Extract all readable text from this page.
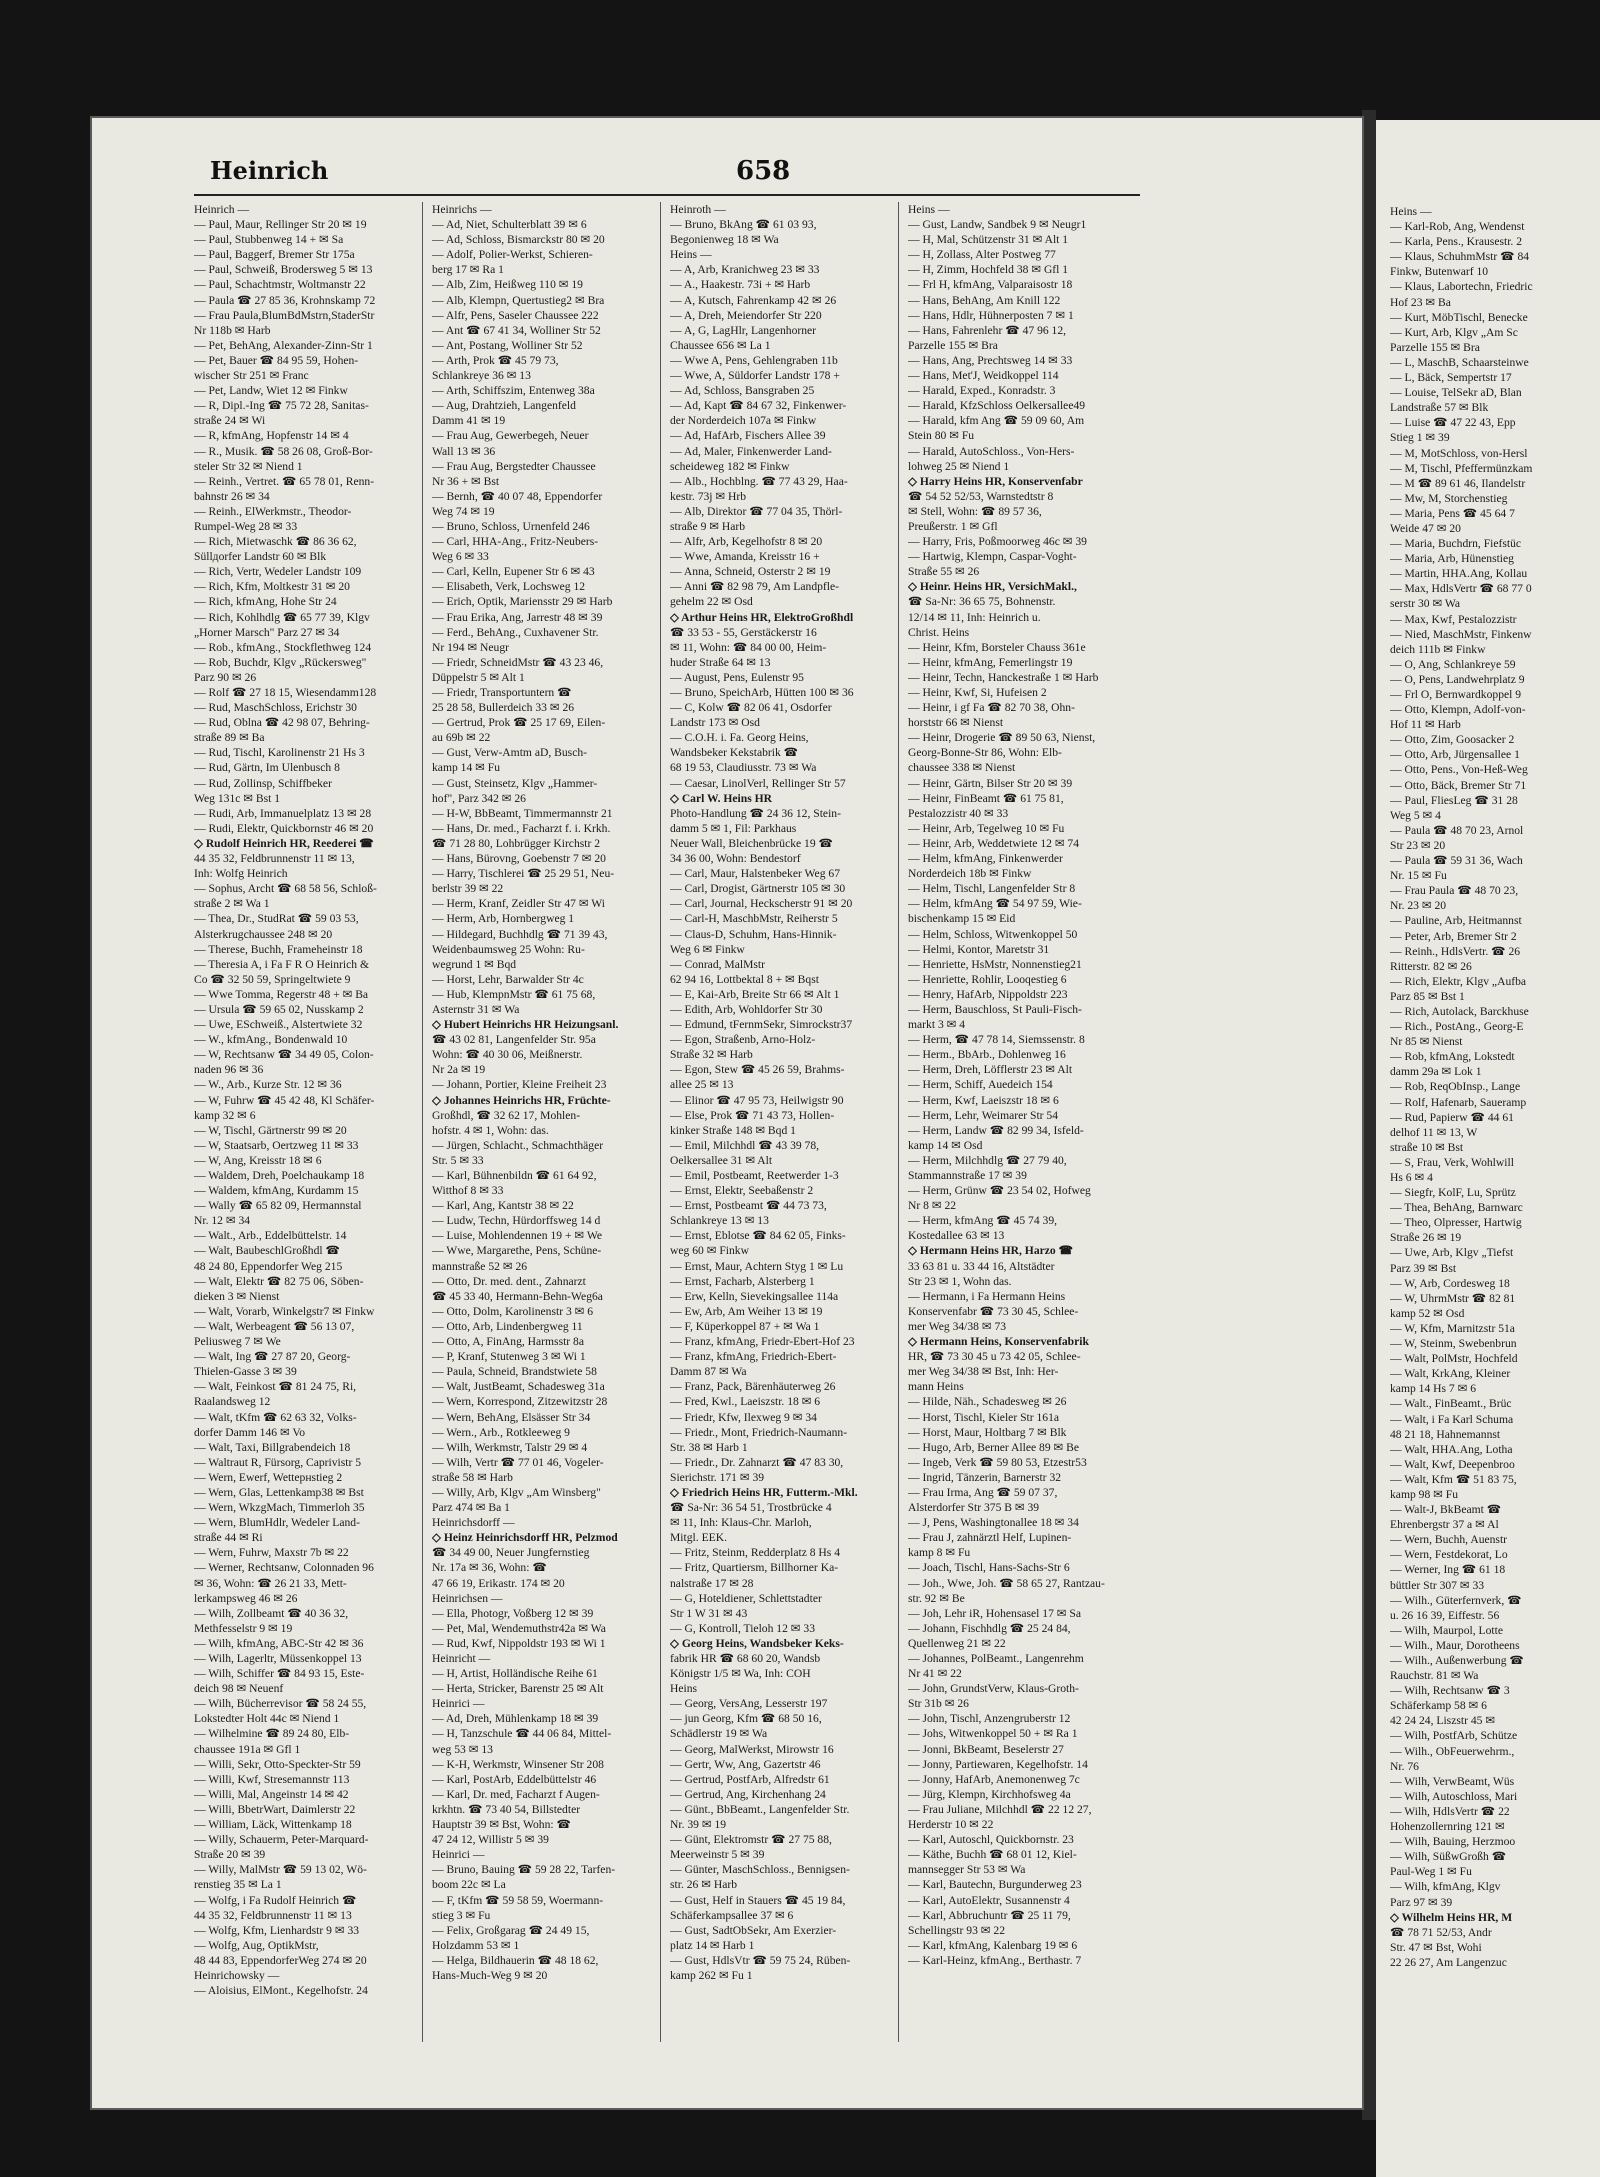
Heinrich	658
Heinrich —
— Paul, Maur, Rellinger Str 20 ✉ 19
— Paul, Stubbenweg 14 + ✉ Sa
— Paul, Baggerf, Bremer Str 175a
— Paul, Schweiß, Brodersweg 5 ✉ 13
— Paul, Schachtmstr, Woltmanstr 22
— Paula ☎ 27 85 36, Krohnskamp 72
— Frau Paula,BlumBdMstrn,StaderStr
Nr 118b ✉ Harb
— Pet, BehAng, Alexander-Zinn-Str 1
— Pet, Bauer ☎ 84 95 59, Hohen-
wischer Str 251 ✉ Franc
— Pet, Landw, Wiet 12 ✉ Finkw
— R, Dipl.-Ing ☎ 75 72 28, Sanitas-
straße 24 ✉ Wi
— R, kfmAng, Hopfenstr 14 ✉ 4
— R., Musik. ☎ 58 26 08, Groß-Bor-
steler Str 32 ✉ Niend 1
— Reinh., Vertret. ☎ 65 78 01, Renn-
bahnstr 26 ✉ 34
— Reinh., ElWerkmstr., Theodor-
Rumpel-Weg 28 ✉ 33
— Rich, Mietwaschk ☎ 86 36 62,
Süllдorfer Landstr 60 ✉ Blk
— Rich, Vertr, Wedeler Landstr 109
— Rich, Kfm, Moltkestr 31 ✉ 20
— Rich, kfmAng, Hohe Str 24
— Rich, Kohlhdlg ☎ 65 77 39, Klgv
„Horner Marsch" Parz 27 ✉ 34
— Rob., kfmAng., Stockflethweg 124
— Rob, Buchdr, Klgv „Rückersweg"
Parz 90 ✉ 26
— Rolf ☎ 27 18 15, Wiesendamm128
— Rud, MaschSchloss, Erichstr 30
— Rud, Oblna ☎ 42 98 07, Behring-
straße 89 ✉ Ba
— Rud, Tischl, Karolinenstr 21 Hs 3
— Rud, Gärtn, Im Ulenbusch 8
— Rud, Zollinsp, Schiffbeker
Weg 131c ✉ Bst 1
— Rudi, Arb, Immanuelplatz 13 ✉ 28
— Rudi, Elektr, Quickbornstr 46 ✉ 20
◇ Rudolf Heinrich HR, Reederei ☎
44 35 32, Feldbrunnenstr 11 ✉ 13,
Inh: Wolfg Heinrich
— Sophus, Archt ☎ 68 58 56, Schloß-
straße 2 ✉ Wa 1
— Thea, Dr., StudRat ☎ 59 03 53,
Alsterkrugchaussee 248 ✉ 20
— Therese, Buchh, Frameheinstr 18
— Theresia A, i Fa F R O Heinrich &
Co ☎ 32 50 59, Springeltwiete 9
— Wwe Tomma, Regerstr 48 + ✉ Ba
— Ursula ☎ 59 65 02, Nusskamp 2
— Uwe, ESchweiß., Alstertwiete 32
— W., kfmAng., Bondenwald 10
— W, Rechtsanw ☎ 34 49 05, Colon-
naden 96 ✉ 36
— W., Arb., Kurze Str. 12 ✉ 36
— W, Fuhrw ☎ 45 42 48, Kl Schäfer-
kamp 32 ✉ 6
— W, Tischl, Gärtnerstr 99 ✉ 20
— W, Staatsarb, Oertzweg 11 ✉ 33
— W, Ang, Kreisstr 18 ✉ 6
— Waldem, Dreh, Poelchaukamp 18
— Waldem, kfmAng, Kurdamm 15
— Wally ☎ 65 82 09, Hermannstal
Nr. 12 ✉ 34
— Walt., Arb., Eddelbüttelstr. 14
— Walt, BaubeschlGroßhdl ☎
48 24 80, Eppendorfer Weg 215
— Walt, Elektr ☎ 82 75 06, Söben-
dieken 3 ✉ Nienst
— Walt, Vorarb, Winkelgstr7 ✉ Finkw
— Walt, Werbeagent ☎ 56 13 07,
Peliusweg 7 ✉ We
— Walt, Ing ☎ 27 87 20, Georg-
Thielen-Gasse 3 ✉ 39
— Walt, Feinkost ☎ 81 24 75, Ri,
Raalandsweg 12
— Walt, tKfm ☎ 62 63 32, Volks-
dorfer Damm 146 ✉ Vo
— Walt, Taxi, Billgrabendeich 18
— Waltraut R, Fürsorg, Caprivistr 5
— Wern, Ewerf, Wettернstieg 2
— Wern, Glas, Lettenkamp38 ✉ Bst
— Wern, WkzgMach, Timmerloh 35
— Wern, BlumHdlr, Wedeler Land-
straße 44 ✉ Ri
— Wern, Fuhrw, Maxstr 7b ✉ 22
— Werner, Rechtsanw, Colonnaden 96
✉ 36, Wohn: ☎ 26 21 33, Mett-
lerkampsweg 46 ✉ 26
— Wilh, Zollbeamt ☎ 40 36 32,
Methfesselstr 9 ✉ 19
— Wilh, kfmAng, ABC-Str 42 ✉ 36
— Wilh, Lagerltr, Müssenkoppel 13
— Wilh, Schiffer ☎ 84 93 15, Este-
deich 98 ✉ Neuenf
— Wilh, Bücherrevisor ☎ 58 24 55,
Lokstedter Holt 44c ✉ Niend 1
— Wilhelmine ☎ 89 24 80, Elb-
chaussee 191a ✉ Gfl 1
— Willi, Sekr, Otto-Speckter-Str 59
— Willi, Kwf, Stresemannstr 113
— Willi, Mal, Angeinstr 14 ✉ 42
— Willi, BbetrWart, Daimlerstr 22
— William, Läck, Wittenkamp 18
— Willy, Schauerm, Peter-Marquard-
Straße 20 ✉ 39
— Willy, MalMstr ☎ 59 13 02, Wö-
renstieg 35 ✉ La 1
— Wolfg, i Fa Rudolf Heinrich ☎
44 35 32, Feldbrunnenstr 11 ✉ 13
— Wolfg, Kfm, Lienhardstr 9 ✉ 33
— Wolfg, Aug, OptikMstr,
48 44 83, EppendorferWeg 274 ✉ 20
Heinrichowsky —
— Aloisius, ElMont., Kegelhofstr. 24
Heinrichs —
— Ad, Niet, Schulterblatt 39 ✉ 6
— Ad, Schloss, Bismarckstr 80 ✉ 20
— Adolf, Polier-Werkst, Schieren-
berg 17 ✉ Ra 1
— Alb, Zim, Heißweg 110 ✉ 19
— Alb, Klempn, Quertustieg2 ✉ Bra
— Alfr, Pens, Saseler Chaussee 222
— Ant ☎ 67 41 34, Wolliner Str 52
— Ant, Postang, Wolliner Str 52
— Arth, Prok ☎ 45 79 73,
Schlankreye 36 ✉ 13
— Arth, Schiffszim, Entenweg 38a
— Aug, Drahtzieh, Langenfeld
Damm 41 ✉ 19
— Frau Aug, Gewerbegeh, Neuer
Wall 13 ✉ 36
— Frau Aug, Bergstedter Chaussee
Nr 36 + ✉ Bst
— Bernh, ☎ 40 07 48, Eppendorfer
Weg 74 ✉ 19
— Bruno, Schloss, Urnenfeld 246
— Carl, HHA-Ang., Fritz-Neubers-
Weg 6 ✉ 33
— Carl, Kelln, Eupener Str 6 ✉ 43
— Elisabeth, Verk, Lochsweg 12
— Erich, Optik, Mariensstr 29 ✉ Harb
— Frau Erika, Ang, Jarrestr 48 ✉ 39
— Ferd., BehAng., Cuxhavener Str.
Nr 194 ✉ Neugr
— Friedr, SchneidMstr ☎ 43 23 46,
Düppelstr 5 ✉ Alt 1
— Friedr, Transportuntern ☎
25 28 58, Bullerdeich 33 ✉ 26
— Gertrud, Prok ☎ 25 17 69, Eilen-
au 69b ✉ 22
— Gust, Verw-Amtm aD, Busch-
kamp 14 ✉ Fu
— Gust, Steinsetz, Klgv „Hammer-
hof", Parz 342 ✉ 26
— H-W, BbBeamt, Timmermannstr 21
— Hans, Dr. med., Facharzt f. i. Krkh.
☎ 71 28 80, Lohbrügger Kirchstr 2
— Hans, Bürovng, Goebenstr 7 ✉ 20
— Harry, Tischlerei ☎ 25 29 51, Neu-
berlstr 39 ✉ 22
— Herm, Kranf, Zeidler Str 47 ✉ Wi
— Herm, Arb, Hornbergweg 1
— Hildegard, Buchhdlg ☎ 71 39 43,
Weidenbaumsweg 25 Wohn: Ru-
wegrund 1 ✉ Bqd
— Horst, Lehr, Barwalder Str 4c
— Hub, KlempnMstr ☎ 61 75 68,
Asternstr 31 ✉ Wa
◇ Hubert Heinrichs HR Heizungsanl.
☎ 43 02 81, Langenfelder Str. 95a
Wohn: ☎ 40 30 06, Meißnerstr.
Nr 2a ✉ 19
— Johann, Portier, Kleine Freiheit 23
◇ Johannes Heinrichs HR, Früchte-
Großhdl, ☎ 32 62 17, Mohlen-
hofstr. 4 ✉ 1, Wohn: das.
— Jürgen, Schlacht., Schmachthäger
Str. 5 ✉ 33
— Karl, Bühnenbildn ☎ 61 64 92,
Witthof 8 ✉ 33
— Karl, Ang, Kantstr 38 ✉ 22
— Ludw, Techn, Hürdorffsweg 14 d
— Luise, Mohlendennen 19 + ✉ We
— Wwe, Margarethe, Pens, Schüne-
mannstraße 52 ✉ 26
— Otto, Dr. med. dent., Zahnarzt
☎ 45 33 40, Hermann-Behn-Weg6a
— Otto, Dolm, Karolinenstr 3 ✉ 6
— Otto, Arb, Lindenbergweg 11
— Otto, A, FinAng, Harmsstr 8a
— P, Kranf, Stutenweg 3 ✉ Wi 1
— Paula, Schneid, Brandstwiete 58
— Walt, JustBeamt, Schadesweg 31a
— Wern, Korrespond, Zitzewitzstr 28
— Wern, BehAng, Elsässer Str 34
— Wern., Arb., Rotkleeweg 9
— Wilh, Werkmstr, Talstr 29 ✉ 4
— Wilh, Vertr ☎ 77 01 46, Vogeler-
straße 58 ✉ Harb
— Willy, Arb, Klgv „Am Winsberg"
Parz 474 ✉ Ba 1
Heinrichsdorff —
◇ Heinz Heinrichsdorff HR, Pelzmod
☎ 34 49 00, Neuer Jungfernstieg
Nr. 17a ✉ 36, Wohn: ☎
47 66 19, Erikastr. 174 ✉ 20
Heinrichsen —
— Ella, Photogr, Voßberg 12 ✉ 39
— Pet, Mal, Wendemuthstr42a ✉ Wa
— Rud, Kwf, Nippoldstr 193 ✉ Wi 1
Heinricht —
— H, Artist, Holländische Reihe 61
— Herta, Stricker, Barenstr 25 ✉ Alt
Heinrici —
— Ad, Dreh, Mühlenkamp 18 ✉ 39
— H, Tanzschule ☎ 44 06 84, Mittel-
weg 53 ✉ 13
— K-H, Werkmstr, Winsener Str 208
— Karl, PostArb, Eddelbüttelstr 46
— Karl, Dr. med, Facharzt f Augen-
krkhtn. ☎ 73 40 54, Billstedter
Hauptstr 39 ✉ Bst, Wohn: ☎
47 24 12, Willistr 5 ✉ 39
Heinrici —
— Bruno, Bauing ☎ 59 28 22, Tarfen-
boom 22c ✉ La
— F, tKfm ☎ 59 58 59, Woermann-
stieg 3 ✉ Fu
— Felix, Großgarag ☎ 24 49 15,
Holzdamm 53 ✉ 1
— Helga, Bildhauerin ☎ 48 18 62,
Hans-Much-Weg 9 ✉ 20
Heinroth —
— Bruno, BkAng ☎ 61 03 93,
Begonienweg 18 ✉ Wa
Heins —
— A, Arb, Kranichweg 23 ✉ 33
— A., Haakestr. 73i + ✉ Harb
— A, Kutsch, Fahrenkamp 42 ✉ 26
— A, Dreh, Meiendorfer Str 220
— A, G, LagHlr, Langenhorner
Chaussee 656 ✉ La 1
— Wwe A, Pens, Gehlengraben 11b
— Wwe, A, Süldorfer Landstr 178 +
— Ad, Schloss, Bansgraben 25
— Ad, Kapt ☎ 84 67 32, Finkenwer-
der Norderdeich 107a ✉ Finkw
— Ad, HafArb, Fischers Allee 39
— Ad, Maler, Finkenwerder Land-
scheideweg 182 ✉ Finkw
— Alb., Hochblng. ☎ 77 43 29, Haa-
kestr. 73j ✉ Hrb
— Alb, Direktor ☎ 77 04 35, Thörl-
straße 9 ✉ Harb
— Alfr, Arb, Kegelhofstr 8 ✉ 20
— Wwe, Amanda, Kreisstr 16 +
— Anna, Schneid, Osterstr 2 ✉ 19
— Anni ☎ 82 98 79, Am Landpfle-
gehelm 22 ✉ Osd
◇ Arthur Heins HR, ElektroGroßhdl
☎ 33 53 - 55, Gerstäckerstr 16
✉ 11, Wohn: ☎ 84 00 00, Heim-
huder Straße 64 ✉ 13
— August, Pens, Eulenstr 95
— Bruno, SpeichArb, Hütten 100 ✉ 36
— C, Kolw ☎ 82 06 41, Osdorfer
Landstr 173 ✉ Osd
— C.O.H. i. Fa. Georg Heins,
Wandsbeker Kekstabrik ☎
68 19 53, Claudiusstr. 73 ✉ Wa
— Caesar, LinolVerl, Rellinger Str 57
◇ Carl W. Heins HR
Photo-Handlung ☎ 24 36 12, Stein-
damm 5 ✉ 1, Fil: Parkhaus
Neuer Wall, Bleichenbrücke 19 ☎
34 36 00, Wohn: Bendestorf
— Carl, Maur, Halstenbeker Weg 67
— Carl, Drogist, Gärtnerstr 105 ✉ 30
— Carl, Journal, Heckscherstr 91 ✉ 20
— Carl-H, MaschbMstr, Reiherstr 5
— Claus-D, Schuhm, Hans-Hinnik-
Weg 6 ✉ Finkw
— Conrad, MalMstr
62 94 16, Lottbektal 8 + ✉ Bqst
— E, Kai-Arb, Breite Str 66 ✉ Alt 1
— Edith, Arb, Wohldorfer Str 30
— Edmund, tFernmSekr, Simrockstr37
— Egon, Straßenb, Arno-Holz-
Straße 32 ✉ Harb
— Egon, Stew ☎ 45 26 59, Brahms-
allee 25 ✉ 13
— Elinor ☎ 47 95 73, Heilwigstr 90
— Else, Prok ☎ 71 43 73, Hollen-
kinker Straße 148 ✉ Bqd 1
— Emil, Milchhdl ☎ 43 39 78,
Oelkersallee 31 ✉ Alt
— Emil, Postbeamt, Reetwerder 1-3
— Ernst, Elektr, Seebaßenstr 2
— Ernst, Postbeamt ☎ 44 73 73,
Schlankreye 13 ✉ 13
— Ernst, Eblotse ☎ 84 62 05, Finks-
weg 60 ✉ Finkw
— Ernst, Maur, Achtern Styg 1 ✉ Lu
— Ernst, Facharb, Alsterberg 1
— Erw, Kelln, Sievekingsallee 114a
— Ew, Arb, Am Weiher 13 ✉ 19
— F, Küperkoppel 87 + ✉ Wa 1
— Franz, kfmAng, Friedr-Ebert-Hof 23
— Franz, kfmAng, Friedrich-Ebert-
Damm 87 ✉ Wa
— Franz, Pack, Bärenhäuterweg 26
— Fred, Kwl., Laeiszstr. 18 ✉ 6
— Friedr, Kfw, Ilexweg 9 ✉ 34
— Friedr., Mont, Friedrich-Naumann-
Str. 38 ✉ Harb 1
— Friedr., Dr. Zahnarzt ☎ 47 83 30,
Sierichstr. 171 ✉ 39
◇ Friedrich Heins HR, Futterm.-Mkl.
☎ Sa-Nr: 36 54 51, Trostbrücke 4
✉ 11, Inh: Klaus-Chr. Marloh,
Mitgl. EEK.
— Fritz, Steinm, Redderplatz 8 Hs 4
— Fritz, Quartiersm, Billhorner Ka-
nalstraße 17 ✉ 28
— G, Hoteldiener, Schlettstadter
Str 1 W 31 ✉ 43
— G, Kontroll, Tieloh 12 ✉ 33
◇ Georg Heins, Wandsbeker Keks-
fabrik HR ☎ 68 60 20, Wandsb
Königstr 1/5 ✉ Wa, Inh: COH
Heins
— Georg, VersAng, Lesserstr 197
— jun Georg, Kfm ☎ 68 50 16,
Schädlerstr 19 ✉ Wa
— Georg, MalWerkst, Mirowstr 16
— Gertr, Ww, Ang, Gazertstr 46
— Gertrud, PostfArb, Alfredstr 61
— Gertrud, Ang, Kirchenhang 24
— Günt., BbBeamt., Langenfelder Str.
Nr. 39 ✉ 19
— Günt, Elektromstr ☎ 27 75 88,
Meerweinstr 5 ✉ 39
— Günter, MaschSchloss., Bennigsen-
str. 26 ✉ Harb
— Gust, Helf in Stauers ☎ 45 19 84,
Schäferkampsallee 37 ✉ 6
— Gust, SadtObSekr, Am Exerzier-
platz 14 ✉ Harb 1
— Gust, HdlsVtr ☎ 59 75 24, Rüben-
kamp 262 ✉ Fu 1
Heins —
— Gust, Landw, Sandbek 9 ✉ Neugr1
— H, Mal, Schützenstr 31 ✉ Alt 1
— H, Zollass, Alter Postweg 77
— H, Zimm, Hochfeld 38 ✉ Gfl 1
— Frl H, kfmAng, Valparaisostr 18
— Hans, BehAng, Am Knill 122
— Hans, Hdlr, Hühnerposten 7 ✉ 1
— Hans, Fahrenlehr ☎ 47 96 12,
Parzelle 155 ✉ Bra
— Hans, Ang, Prechtsweg 14 ✉ 33
— Hans, Met'J, Weidkoppel 114
— Harald, Exped., Konradstr. 3
— Harald, KfzSchloss Oelkersallee49
— Harald, kfm Ang ☎ 59 09 60, Am
Stein 80 ✉ Fu
— Harald, AutoSchloss., Von-Hers-
lohweg 25 ✉ Niend 1
◇ Harry Heins HR, Konservenfabr
☎ 54 52 52/53, Warnstedtstr 8
✉ Stell, Wohn: ☎ 89 57 36,
Preußerstr. 1 ✉ Gfl
— Harry, Fris, Poßmoorweg 46c ✉ 39
— Hartwig, Klempn, Caspar-Voght-
Straße 55 ✉ 26
◇ Heinr. Heins HR, VersichMakl.,
☎ Sa-Nr: 36 65 75, Bohnenstr.
12/14 ✉ 11, Inh: Heinrich u.
Christ. Heins
— Heinr, Kfm, Borsteler Chauss 361e
— Heinr, kfmAng, Femerlingstr 19
— Heinr, Techn, Hanckestraße 1 ✉ Harb
— Heinr, Kwf, Si, Hufeisen 2
— Heinr, i gf Fa ☎ 82 70 38, Ohn-
horststr 66 ✉ Nienst
— Heinr, Drogerie ☎ 89 50 63, Nienst,
Georg-Bonne-Str 86, Wohn: Elb-
chaussee 338 ✉ Nienst
— Heinr, Gärtn, Bilser Str 20 ✉ 39
— Heinr, FinBeamt ☎ 61 75 81,
Pestalozzistr 40 ✉ 33
— Heinr, Arb, Tegelweg 10 ✉ Fu
— Heinr, Arb, Weddetwiete 12 ✉ 74
— Helm, kfmAng, Finkenwerder
Norderdeich 18b ✉ Finkw
— Helm, Tischl, Langenfelder Str 8
— Helm, kfmAng ☎ 54 97 59, Wie-
bischenkamp 15 ✉ Eid
— Helm, Schloss, Witwenkoppel 50
— Helmi, Kontor, Maretstr 31
— Henriette, HsMstr, Nonnenstieg21
— Henriette, Rohlir, Looqestieg 6
— Henry, HafArb, Nippoldstr 223
— Herm, Bauschloss, St Pauli-Fisch-
markt 3 ✉ 4
— Herm, ☎ 47 78 14, Siemssenstr. 8
— Herm., BbArb., Dohlenweg 16
— Herm, Dreh, Löfflerstr 23 ✉ Alt
— Herm, Schiff, Auedeich 154
— Herm, Kwf, Laeiszstr 18 ✉ 6
— Herm, Lehr, Weimarer Str 54
— Herm, Landw ☎ 82 99 34, Isfeld-
kamp 14 ✉ Osd
— Herm, Milchhdlg ☎ 27 79 40,
Stammannstraße 17 ✉ 39
— Herm, Grünw ☎ 23 54 02, Hofweg
Nr 8 ✉ 22
— Herm, kfmAng ☎ 45 74 39,
Kostedallee 63 ✉ 13
◇ Hermann Heins HR, Harzo ☎
33 63 81 u. 33 44 16, Altstädter
Str 23 ✉ 1, Wohn das.
— Hermann, i Fa Hermann Heins
Konservenfabr ☎ 73 30 45, Schlee-
mer Weg 34/38 ✉ 73
◇ Hermann Heins, Konservenfabrik
HR, ☎ 73 30 45 u 73 42 05, Schlee-
mer Weg 34/38 ✉ Bst, Inh: Her-
mann Heins
— Hilde, Näh., Schadesweg ✉ 26
— Horst, Tischl, Kieler Str 161a
— Horst, Maur, Holtbarg 7 ✉ Blk
— Hugo, Arb, Berner Allee 89 ✉ Be
— Ingeb, Verk ☎ 59 80 53, Etzestr53
— Ingrid, Tänzerin, Barnerstr 32
— Frau Irma, Ang ☎ 59 07 37,
Alsterdorfer Str 375 B ✉ 39
— J, Pens, Washingtonallee 18 ✉ 34
— Frau J, zahnärztl Helf, Lupinen-
kamp 8 ✉ Fu
— Joach, Tischl, Hans-Sachs-Str 6
— Joh., Wwe, Joh. ☎ 58 65 27, Rantzau-
str. 92 ✉ Be
— Joh, Lehr iR, Hohensasel 17 ✉ Sa
— Johann, Fischhdlg ☎ 25 24 84,
Quellenweg 21 ✉ 22
— Johannes, PolBeamt., Langenrehm
Nr 41 ✉ 22
— John, GrundstVerw, Klaus-Groth-
Str 31b ✉ 26
— John, Tischl, Anzengruberstr 12
— Johs, Witwenkoppel 50 + ✉ Ra 1
— Jonni, BkBeamt, Beselerstr 27
— Jonny, Partiewaren, Kegelhofstr. 14
— Jonny, HafArb, Anemonenweg 7c
— Jürg, Klempn, Kirchhofsweg 4a
— Frau Juliane, Milchhdl ☎ 22 12 27,
Herderstr 10 ✉ 22
— Karl, Autoschl, Quickbornstr. 23
— Käthe, Buchh ☎ 68 01 12, Kiel-
mannsegger Str 53 ✉ Wa
— Karl, Bautechn, Burgunderweg 23
— Karl, AutoElektr, Susannenstr 4
— Karl, Abbruchuntr ☎ 25 11 79,
Schellingstr 93 ✉ 22
— Karl, kfmAng, Kalenbarg 19 ✉ 6
— Karl-Heinz, kfmAng., Berthastr. 7
Heins —
— Karl-Rob, Ang, Wendenst
— Karla, Pens., Krausestr. 2
— Klaus, SchuhmMstr ☎ 84
Finkw, Butenwarf 10
— Klaus, Labortechn, Friedric
Hof 23 ✉ Ba
— Kurt, MöbTischl, Benecke
— Kurt, Arb, Klgv „Am Sc
Parzelle 155 ✉ Bra
— L, MaschB, Schaarsteinwe
— L, Bäck, Sempertstr 17
— Louise, TelSekr aD, Blan
Landstraße 57 ✉ Blk
— Luise ☎ 47 22 43, Epp
Stieg 1 ✉ 39
— M, MotSchloss, von-Hersl
— M, Tischl, Pfeffermünzkam
— M ☎ 89 61 46, Ilandelstr
— Mw, M, Storchenstieg
— Maria, Pens ☎ 45 64 7
Weide 47 ✉ 20
— Maria, Buchdrn, Fiefstüc
— Maria, Arb, Hünenstieg
— Martin, HHA.Ang, Kollau
— Max, HdlsVertr ☎ 68 77 0
serstr 30 ✉ Wa
— Max, Kwf, Pestalozzistr
— Nied, MaschMstr, Finkenw
deich 111b ✉ Finkw
— O, Ang, Schlankreye 59
— O, Pens, Landwehrplatz 9
— Frl O, Bernwardkoppel 9
— Otto, Klempn, Adolf-von-
Hof 11 ✉ Harb
— Otto, Zim, Goosacker 2
— Otto, Arb, Jürgensallee 1
— Otto, Pens., Von-Heß-Weg
— Otto, Bäck, Bremer Str 71
— Paul, FliesLeg ☎ 31 28
Weg 5 ✉ 4
— Paula ☎ 48 70 23, Arnol
Str 23 ✉ 20
— Paula ☎ 59 31 36, Wach
Nr. 15 ✉ Fu
— Frau Paula ☎ 48 70 23,
Nr. 23 ✉ 20
— Pauline, Arb, Heitmannst
— Peter, Arb, Bremer Str 2
— Reinh., HdlsVertr. ☎ 26
Ritterstr. 82 ✉ 26
— Rich, Elektr, Klgv „Aufba
Parz 85 ✉ Bst 1
— Rich, Autolack, Barckhuse
— Rich., PostAng., Georg-E
Nr 85 ✉ Nienst
— Rob, kfmAng, Lokstedt
damm 29a ✉ Lok 1
— Rob, ReqObInsp., Lange
— Rolf, Hafenarb, Saueramp
— Rud, Papierw ☎ 44 61
delhof 11 ✉ 13, W
straße 10 ✉ Bst
— S, Frau, Verk, Wohlwill
Hs 6 ✉ 4
— Siegfr, KolF, Lu, Sprütz
— Thea, BehAng, Barnwarc
— Theo, Olpresser, Hartwig
Straße 26 ✉ 19
— Uwe, Arb, Klgv „Tiefst
Parz 39 ✉ Bst
— W, Arb, Cordesweg 18
— W, UhrmMstr ☎ 82 81
kamp 52 ✉ Osd
— W, Kfm, Marnitzstr 51a
— W, Steinm, Swebenbrun
— Walt, PolMstr, Hochfeld
— Walt, KrkAng, Kleiner
kamp 14 Hs 7 ✉ 6
— Walt., FinBeamt., Brüc
— Walt, i Fa Karl Schuma
48 21 18, Hahnemannst
— Walt, HHA.Ang, Lotha
— Walt, Kwf, Deepenbroo
— Walt, Kfm ☎ 51 83 75,
kamp 98 ✉ Fu
— Walt-J, BkBeamt ☎
Ehrenbergstr 37 a ✉ Al
— Wern, Buchh, Auenstr
— Wern, Festdekorat, Lo
— Werner, Ing ☎ 61 18
büttler Str 307 ✉ 33
— Wilh., Güterfernverk, ☎
u. 26 16 39, Eiffestr. 56
— Wilh, Maurpol, Lotte
— Wilh., Maur, Dorotheens
— Wilh., Außenwerbung ☎
Rauchstr. 81 ✉ Wa
— Wilh, Rechtsanw ☎ 3
Schäferkamp 58 ✉ 6
42 24 24, Liszstr 45 ✉
— Wilh, PostfArb, Schütze
— Wilh., ObFeuerwehrm.,
Nr. 76
— Wilh, VerwBeamt, Wüs
— Wilh, Autoschloss, Mari
— Wilh, HdlsVertr ☎ 22
Hohenzollernring 121 ✉
— Wilh, Bauing, Herzmoo
— Wilh, SüßwGroßh ☎
Paul-Weg 1 ✉ Fu
— Wilh, kfmAng, Klgv
Parz 97 ✉ 39
◇ Wilhelm Heins HR, M
☎ 78 71 52/53, Andr
Str. 47 ✉ Bst, Wohi
22 26 27, Am Langenzuc
